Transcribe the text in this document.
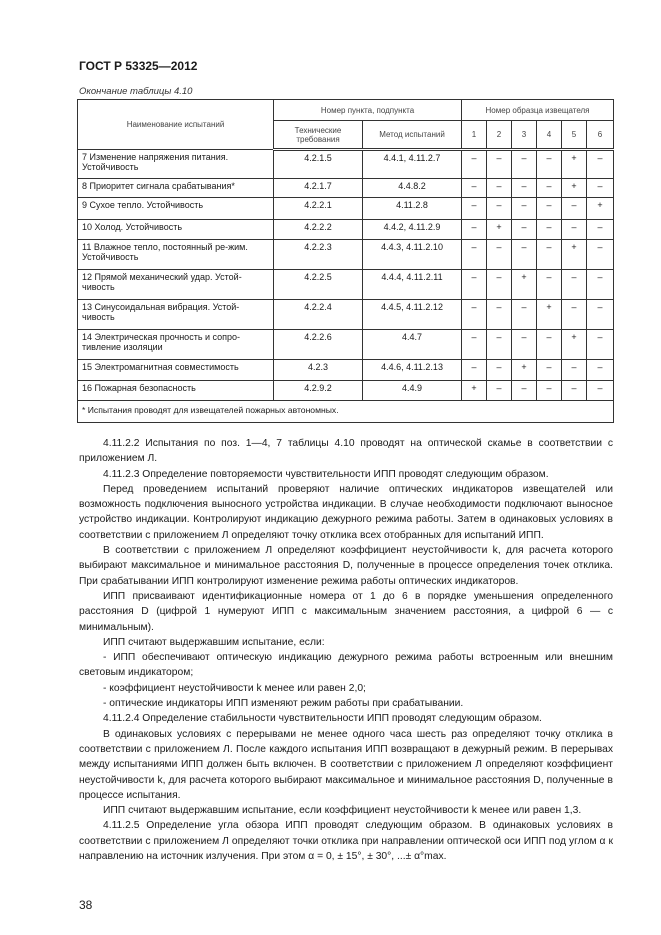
ГОСТ Р 53325—2012
Окончание таблицы 4.10
Наименование испытаний	Номер пункта, подпункта		Номер образца извещателя					
	Технические требования	Метод испытаний	1	2	3	4	5	6
7 Изменение напряжения питания. Устойчивость	4.2.1.5	4.4.1, 4.11.2.7	–	–	–	–	+	–
8 Приоритет сигнала срабатывания*	4.2.1.7	4.4.8.2	–	–	–	–	+	–
9 Сухое тепло. Устойчивость	4.2.2.1	4.11.2.8	–	–	–	–	–	+
10 Холод. Устойчивость	4.2.2.2	4.4.2, 4.11.2.9	–	+	–	–	–	–
11 Влажное тепло, постоянный ре-жим. Устойчивость	4.2.2.3	4.4.3, 4.11.2.10	–	–	–	–	+	–
12 Прямой механический удар. Устой-чивость	4.2.2.5	4.4.4, 4.11.2.11	–	–	+	–	–	–
13 Синусоидальная вибрация. Устой-чивость	4.2.2.4	4.4.5, 4.11.2.12	–	–	–	+	–	–
14 Электрическая прочность и сопро-тивление изоляции	4.2.2.6	4.4.7	–	–	–	–	+	–
15 Электромагнитная совместимость	4.2.3	4.4.6, 4.11.2.13	–	–	+	–	–	–
16 Пожарная безопасность	4.2.9.2	4.4.9	+	–	–	–	–	–
* Испытания проводят для извещателей пожарных автономных.								

4.11.2.2 Испытания по поз. 1—4, 7 таблицы 4.10 проводят на оптической скамье в соответствии с приложением Л.

4.11.2.3 Определение повторяемости чувствительности ИПП проводят следующим образом.

Перед проведением испытаний проверяют наличие оптических индикаторов извещателей или возможность подключения выносного устройства индикации. В случае необходимости подключают выносное устройство индикации. Контролируют индикацию дежурного режима работы. Затем в одинаковых условиях в соответствии с приложением Л определяют точку отклика всех отобранных для испытаний ИПП.

В соответствии с приложением Л определяют коэффициент неустойчивости k, для расчета которого выбирают максимальное и минимальное расстояния D, полученные в процессе определения точек отклика. При срабатывании ИПП контролируют изменение режима работы оптических индикаторов.

ИПП присваивают идентификационные номера от 1 до 6 в порядке уменьшения определенного расстояния D (цифрой 1 нумеруют ИПП с максимальным значением расстояния, а цифрой 6 — с минимальным).

ИПП считают выдержавшим испытание, если:

- ИПП обеспечивают оптическую индикацию дежурного режима работы встроенным или внешним световым индикатором;

- коэффициент неустойчивости k менее или равен 2,0;

- оптические индикаторы ИПП изменяют режим работы при срабатывании.

4.11.2.4 Определение стабильности чувствительности ИПП проводят следующим образом.

В одинаковых условиях с перерывами не менее одного часа шесть раз определяют точку отклика в соответствии с приложением Л. После каждого испытания ИПП возвращают в дежурный режим. В перерывах между испытаниями ИПП должен быть включен. В соответствии с приложением Л определяют коэффициент неустойчивости k, для расчета которого выбирают максимальное и минимальное расстояния D, полученные в процессе испытания.

ИПП считают выдержавшим испытание, если коэффициент неустойчивости k менее или равен 1,3.

4.11.2.5 Определение угла обзора ИПП проводят следующим образом. В одинаковых условиях в соответствии с приложением Л определяют точки отклика при направлении оптической оси ИПП под углом α к направлению на источник излучения. При этом α = 0, ± 15°, ± 30°, ...± α°max.

38
